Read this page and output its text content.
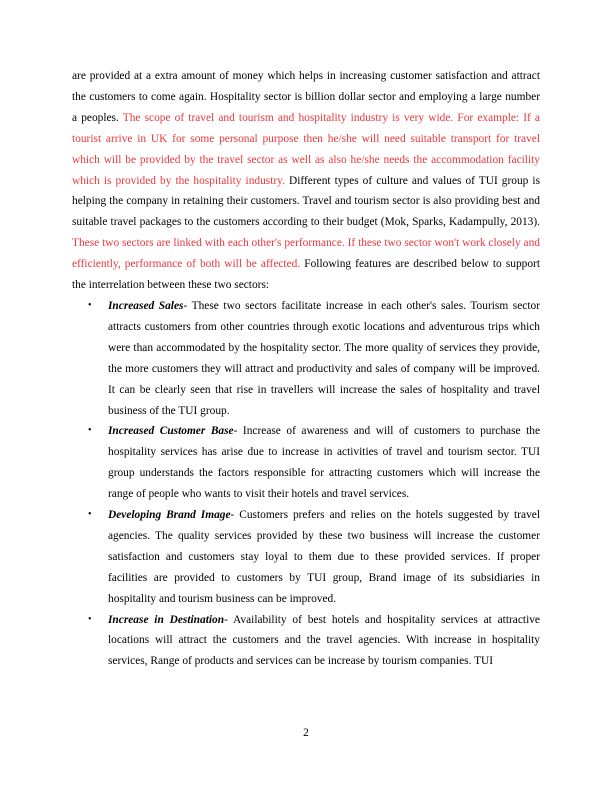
are provided at a extra amount of money which helps in increasing customer satisfaction and attract the customers to come again. Hospitality sector is billion dollar sector and employing a large number a peoples. The scope of travel and tourism and hospitality industry is very wide. For example: If a tourist arrive in UK for some personal purpose then he/she will need suitable transport for travel which will be provided by the travel sector as well as also he/she needs the accommodation facility which is provided by the hospitality industry. Different types of culture and values of TUI group is helping the company in retaining their customers. Travel and tourism sector is also providing best and suitable travel packages to the customers according to their budget (Mok, Sparks, Kadampully, 2013). These two sectors are linked with each other's performance. If these two sector won't work closely and efficiently, performance of both will be affected. Following features are described below to support the interrelation between these two sectors:

• Increased Sales- These two sectors facilitate increase in each other's sales. Tourism sector attracts customers from other countries through exotic locations and adventurous trips which were than accommodated by the hospitality sector. The more quality of services they provide, the more customers they will attract and productivity and sales of company will be improved. It can be clearly seen that rise in travellers will increase the sales of hospitality and travel business of the TUI group.
• Increased Customer Base- Increase of awareness and will of customers to purchase the hospitality services has arise due to increase in activities of travel and tourism sector. TUI group understands the factors responsible for attracting customers which will increase the range of people who wants to visit their hotels and travel services.
• Developing Brand Image- Customers prefers and relies on the hotels suggested by travel agencies. The quality services provided by these two business will increase the customer satisfaction and customers stay loyal to them due to these provided services. If proper facilities are provided to customers by TUI group, Brand image of its subsidiaries in hospitality and tourism business can be improved.
• Increase in Destination- Availability of best hotels and hospitality services at attractive locations will attract the customers and the travel agencies. With increase in hospitality services, Range of products and services can be increase by tourism companies. TUI
2
